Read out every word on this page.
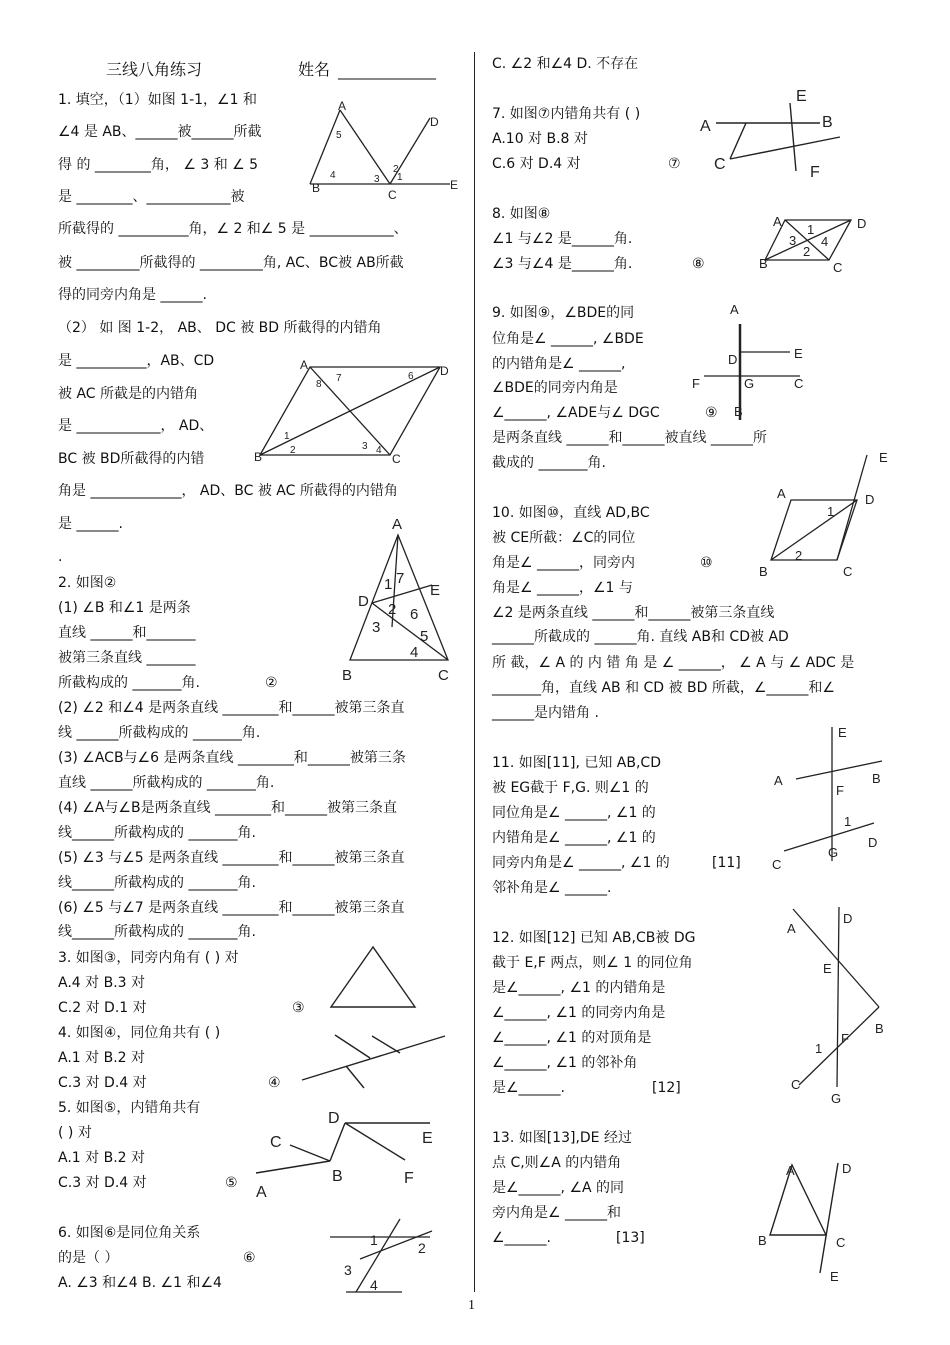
三线八角练习	姓名 ______________
1. 填空，（1）如图 1-1，∠1 和
∠4 是 AB、______被______所截
得 的 ________角， ∠ 3 和 ∠ 5
是 ________、____________被
所截得的 __________角，∠ 2 和∠ 5 是 ____________、
被 _________所截得的 _________角, AC、BC被 AB所截
得的同旁内角是 ______.
（2） 如 图 1-2， AB、 DC 被 BD 所截得的内错角
是 __________，AB、CD
被 AC 所截是的内错角
是 ____________， AD、
BC 被 BD所截得的内错
角是 _____________， AD、BC 被 AC 所截得的内错角
是 ______.
.
2. 如图②
(1) ∠B 和∠1 是两条
直线 ______和_______
被第三条直线 _______
所截构成的 _______角.
(2) ∠2 和∠4 是两条直线 ________和______被第三条直
线 ______所截构成的 _______角.
(3) ∠ACB与∠6 是两条直线 ________和______被第三条
直线 ______所截构成的 _______角.
(4) ∠A与∠B是两条直线 ________和______被第三条直
线______所截构成的 _______角.
(5) ∠3 与∠5 是两条直线 ________和______被第三条直
线______所截构成的 _______角.
(6) ∠5 与∠7 是两条直线 ________和______被第三条直
线______所截构成的 _______角.
3. 如图③，同旁内角有 ( ) 对
A.4 对 B.3 对
C.2 对 D.1 对
4. 如图④，同位角共有 ( )
A.1 对 B.2 对
C.3 对 D.4 对
5. 如图⑤，内错角共有
( ) 对
A.1 对 B.2 对
C.3 对 D.4 对
6. 如图⑥是同位角关系
的是（ ）
A. ∠3 和∠4 B. ∠1 和∠4
②
③
④
⑤
⑥
C. ∠2 和∠4 D. 不存在
7. 如图⑦内错角共有 ( )
A.10 对 B.8 对
C.6 对 D.4 对
8. 如图⑧
∠1 与∠2 是______角.
∠3 与∠4 是______角.
9. 如图⑨，∠BDE的同
位角是∠ ______, ∠BDE
的内错角是∠ ______,
∠BDE的同旁内角是
∠______, ∠ADE与∠ DGC
是两条直线 ______和______被直线 ______所
截成的 _______角.
10. 如图⑩，直线 AD,BC
被 CE所截：∠C的同位
角是∠ ______，同旁内
角是∠ ______，∠1 与
∠2 是两条直线 ______和______被第三条直线
______所截成的 ______角. 直线 AB和 CD被 AD
所 截，∠ A 的 内 错 角 是 ∠ ______， ∠ A 与 ∠ ADC 是
_______角，直线 AB 和 CD 被 BD 所截，∠______和∠
______是内错角 .
11. 如图[11], 已知 AB,CD
被 EG截于 F,G. 则∠1 的
同位角是∠ ______, ∠1 的
内错角是∠ ______, ∠1 的
同旁内角是∠ ______, ∠1 的
邻补角是∠ ______.
12. 如图[12] 已知 AB,CB被 DG
截于 E,F 两点，则∠ 1 的同位角
是∠______, ∠1 的内错角是
∠______, ∠1 的同旁内角是
∠______, ∠1 的对顶角是
∠______, ∠1 的邻补角
是∠______.
13. 如图[13],DE 经过
点 C,则∠A 的内错角
是∠______, ∠A 的同
旁内角是∠ ______和
∠______.
⑦
⑧
⑨
⑩
[11]
[12]
[13]
1
A
B	C
D
E
1
2
3
4
5
A
B	C
D
1
2	3 4
6
7
8
A
B	C
D
E
1
2
3
4
5
6
7
A
B
C
D
E
F
1	2
3
4
A	B
C
E
F
A
B	C
D
1
2
3 4
A
B
D	E
F	G	C
A
B	C
D
E
1
2
A	B
C
D
E
F
G
1
A
B
C
D
E
F
G
1
A
B	C
D
E
